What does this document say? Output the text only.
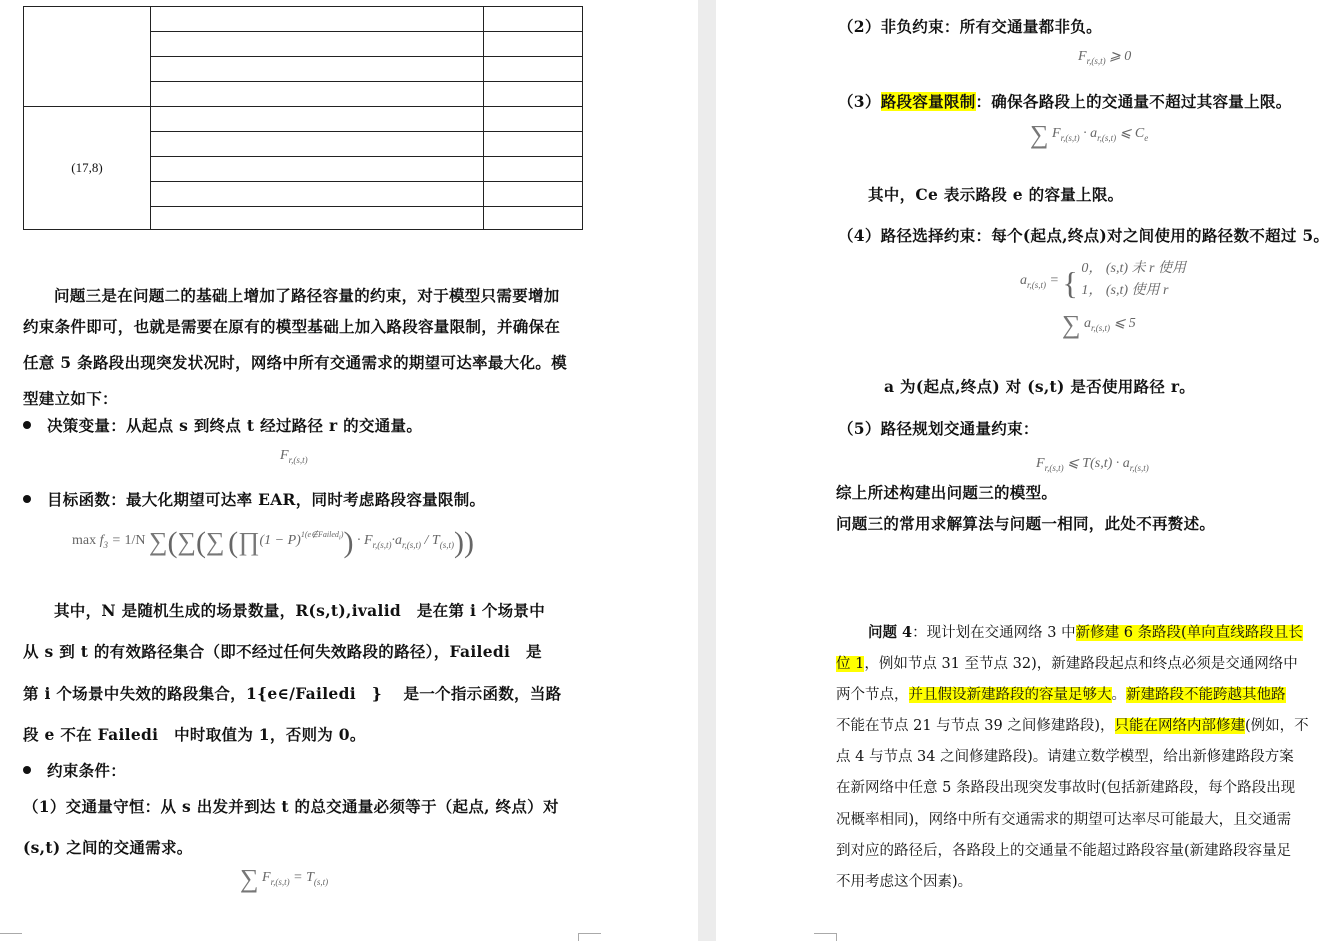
(17,8)		

问题三是在问题二的基础上增加了路径容量的约束，对于模型只需要增加
约束条件即可，也就是需要在原有的模型基础上加入路段容量限制，并确保在
任意 5 条路段出现突发状况时，网络中所有交通需求的期望可达率最大化。模
型建立如下：
决策变量：从起点 s 到终点 t 经过路径 r 的交通量。
$F_{r,(s,t)}$
目标函数：最大化期望可达率 EAR，同时考虑路段容量限制。
$\max f_3 = 1/N$ ∑(∑(∑ (∏(1 − $P)^{1(e\notin Failed_i)}) \cdot F_{r,(s,t)}\cdot a_{r,(s,t)} / T_{(s,t)}$))
其中，N 是随机生成的场景数量，R(s,t),ivalid　是在第 i 个场景中
从 s 到 t 的有效路径集合（即不经过任何失效路段的路径），Failedi　是
第 i 个场景中失效的路段集合，1{e∈/Failedi　} 　是一个指示函数，当路
段 e 不在 Failedi　中时取值为 1，否则为 0。
约束条件：
（1）交通量守恒：从 s 出发并到达 t 的总交通量必须等于（起点, 终点）对
(s,t) 之间的交通需求。
∑ $F_{r,(s,t)} = T_{(s,t)}$
（2）非负约束：所有交通量都非负。
$F_{r,(s,t)}$ ⩾ 0
（3）路段容量限制：确保各路段上的交通量不超过其容量上限。
∑ $F_{r,(s,t)} \cdot a_{r,(s,t)}$ ⩽ $C_e$
其中，Ce 表示路段 e 的容量上限。
（4）路径选择约束：每个(起点,终点)对之间使用的路径数不超过 5。
$a_{r,(s,t)}$ = { 0， (s,t) 未 r 使用
1， (s,t) 使用 r
∑ $a_{r,(s,t)}$ ⩽ 5
a 为(起点,终点) 对 (s,t) 是否使用路径 r。
（5）路径规划交通量约束：
$F_{r,(s,t)}$ ⩽ $T(s,t) \cdot a_{r,(s,t)}$
综上所述构建出问题三的模型。
问题三的常用求解算法与问题一相同，此处不再赘述。
问题 4：现计划在交通网络 3 中新修建 6 条路段(单向直线路段且长
位 1，例如节点 31 至节点 32)，新建路段起点和终点必须是交通网络中
两个节点，并且假设新建路段的容量足够大。新建路段不能跨越其他路
不能在节点 21 与节点 39 之间修建路段)，只能在网络内部修建(例如，不
点 4 与节点 34 之间修建路段)。请建立数学模型，给出新修建路段方案
在新网络中任意 5 条路段出现突发事故时(包括新建路段，每个路段出现
况概率相同)，网络中所有交通需求的期望可达率尽可能最大，且交通需
到对应的路径后，各路段上的交通量不能超过路段容量(新建路段容量足
不用考虑这个因素)。
